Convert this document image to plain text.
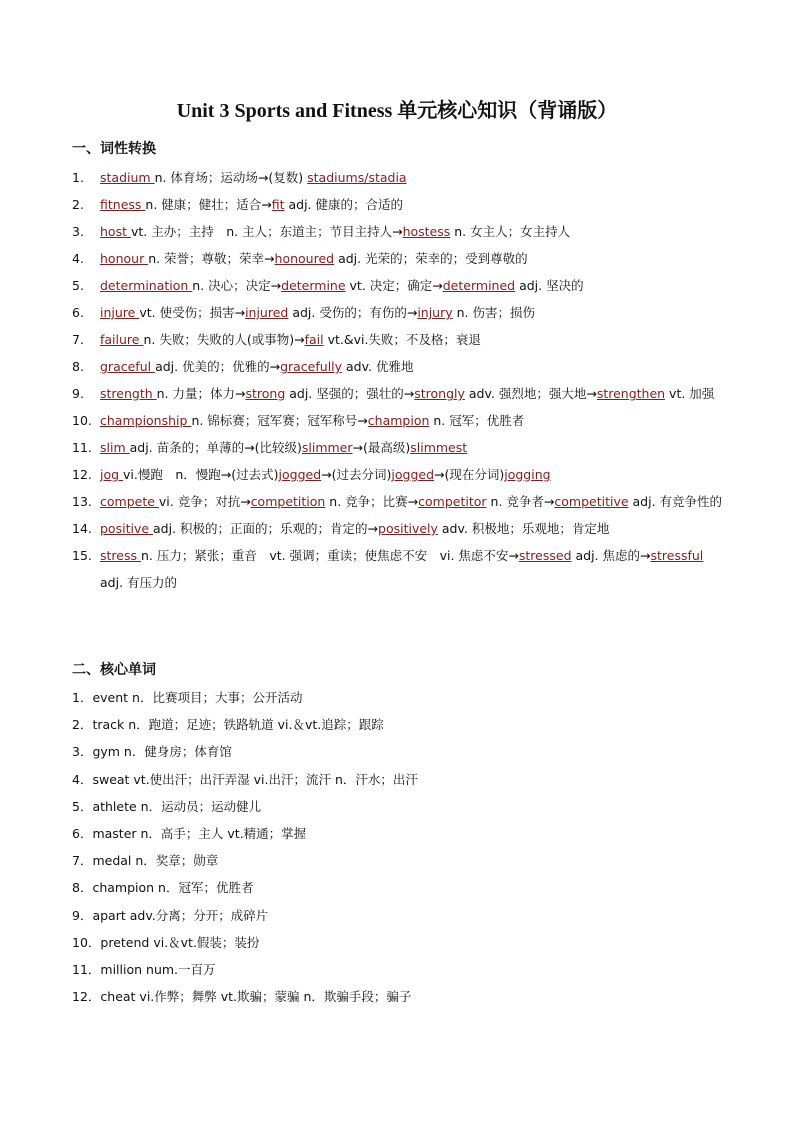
Unit 3 Sports and Fitness 单元核心知识（背诵版）
一、词性转换
1.	stadium n. 体育场；运动场→(复数) stadiums/stadia
2.	fitness n. 健康；健壮；适合→fit adj. 健康的；合适的
3.	host vt. 主办；主持　n. 主人；东道主；节目主持人→hostess n. 女主人；女主持人
4.	honour n. 荣誉；尊敬；荣幸→honoured adj. 光荣的；荣幸的；受到尊敬的
5.	determination n. 决心；决定→determine vt. 决定；确定→determined adj. 坚决的
6.	injure vt. 使受伤；损害→injured adj. 受伤的；有伤的→injury n. 伤害；损伤
7.	failure n. 失败；失败的人(或事物)→fail vt.&vi.失败；不及格；衰退
8.	graceful adj. 优美的；优雅的→gracefully adv. 优雅地
9.	strength n. 力量；体力→strong adj. 坚强的；强壮的→strongly adv. 强烈地；强大地→strengthen vt. 加强
10. championship n. 锦标赛；冠军赛；冠军称号→champion n. 冠军；优胜者
11. slim adj. 苗条的；单薄的→(比较级)slimmer→(最高级)slimmest
12. jog vi.慢跑　n．慢跑→(过去式)jogged→(过去分词)jogged→(现在分词)jogging
13. compete vi. 竞争；对抗→competition n. 竞争；比赛→competitor n. 竞争者→competitive adj. 有竞争性的
14. positive adj. 积极的；正面的；乐观的；肯定的→positively adv. 积极地；乐观地；肯定地
15. stress n. 压力；紧张；重音　vt. 强调；重读；使焦虑不安　vi. 焦虑不安→stressed adj. 焦虑的→stressful adj. 有压力的
二、核心单词
1．event n．比赛项目；大事；公开活动
2．track n．跑道；足迹；铁路轨道 vi.＆vt.追踪；跟踪
3．gym n．健身房；体育馆
4．sweat vt.使出汗；出汗弄湿 vi.出汗；流汗 n．汗水；出汗
5．athlete n．运动员；运动健儿
6．master n．高手；主人 vt.精通；掌握
7．medal n．奖章；勋章
8．champion n．冠军；优胜者
9．apart adv.分离；分开；成碎片
10．pretend vi.＆vt.假装；装扮
11．million num.一百万
12．cheat vi.作弊；舞弊 vt.欺骗；蒙骗 n．欺骗手段；骗子
